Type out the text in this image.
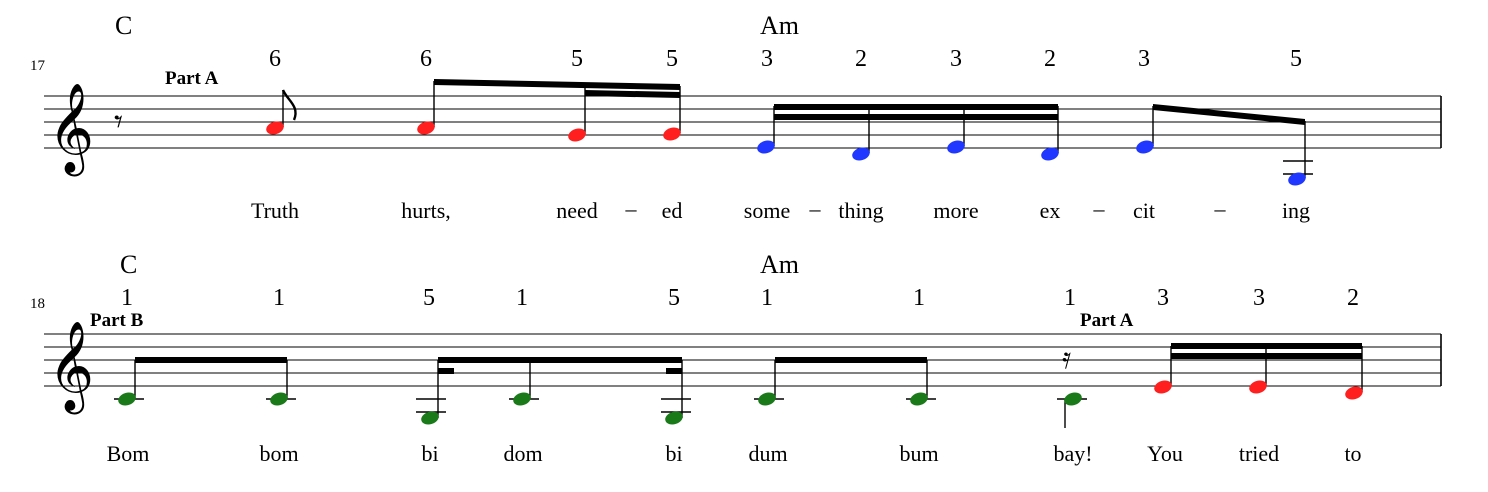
17
𝄞 𝄾
C	Am
Part A
6	6	5	5	3	2	3	2	3	5
Truth	hurts,	need	ed	some thing more	ex	cit	ing
–	–	–	–
18
𝄞
C	Am
Part B	Part A
1	1	5	1	5	1	1	1	3	3	2
𝄿
Bom	bom	bi	dom	bi	dum	bum	bay! You	tried	to
